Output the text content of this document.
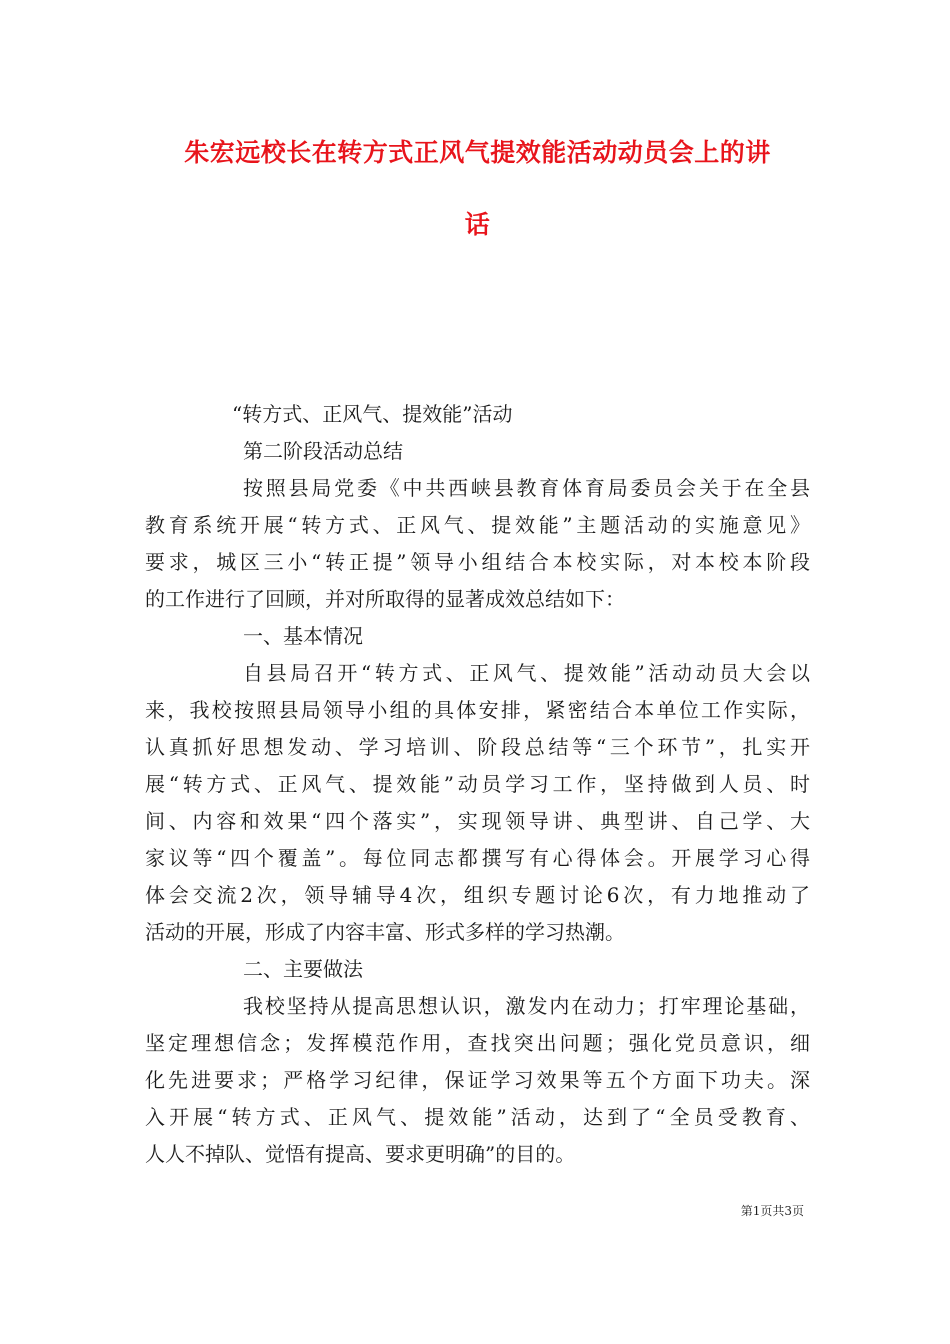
朱宏远校长在转方式正风气提效能活动动员会上的讲
话
“转方式、正风气、提效能”活动
第二阶段活动总结
按照县局党委《中共西峡县教育体育局委员会关于在全县
教育系统开展“转方式、正风气、提效能”主题活动的实施意见》
要求，城区三小“转正提”领导小组结合本校实际，对本校本阶段
的工作进行了回顾，并对所取得的显著成效总结如下：
一、基本情况
自县局召开“转方式、正风气、提效能”活动动员大会以
来，我校按照县局领导小组的具体安排，紧密结合本单位工作实际，
认真抓好思想发动、学习培训、阶段总结等“三个环节”，扎实开
展“转方式、正风气、提效能”动员学习工作，坚持做到人员、时
间、内容和效果“四个落实”，实现领导讲、典型讲、自己学、大
家议等“四个覆盖”。每位同志都撰写有心得体会。开展学习心得
体会交流2次，领导辅导4次，组织专题讨论6次，有力地推动了
活动的开展，形成了内容丰富、形式多样的学习热潮。
二、主要做法
我校坚持从提高思想认识，激发内在动力；打牢理论基础，
坚定理想信念；发挥模范作用，查找突出问题；强化党员意识，细
化先进要求；严格学习纪律，保证学习效果等五个方面下功夫。深
入开展“转方式、正风气、提效能”活动，达到了“全员受教育、
人人不掉队、觉悟有提高、要求更明确”的目的。
第1页共3页
